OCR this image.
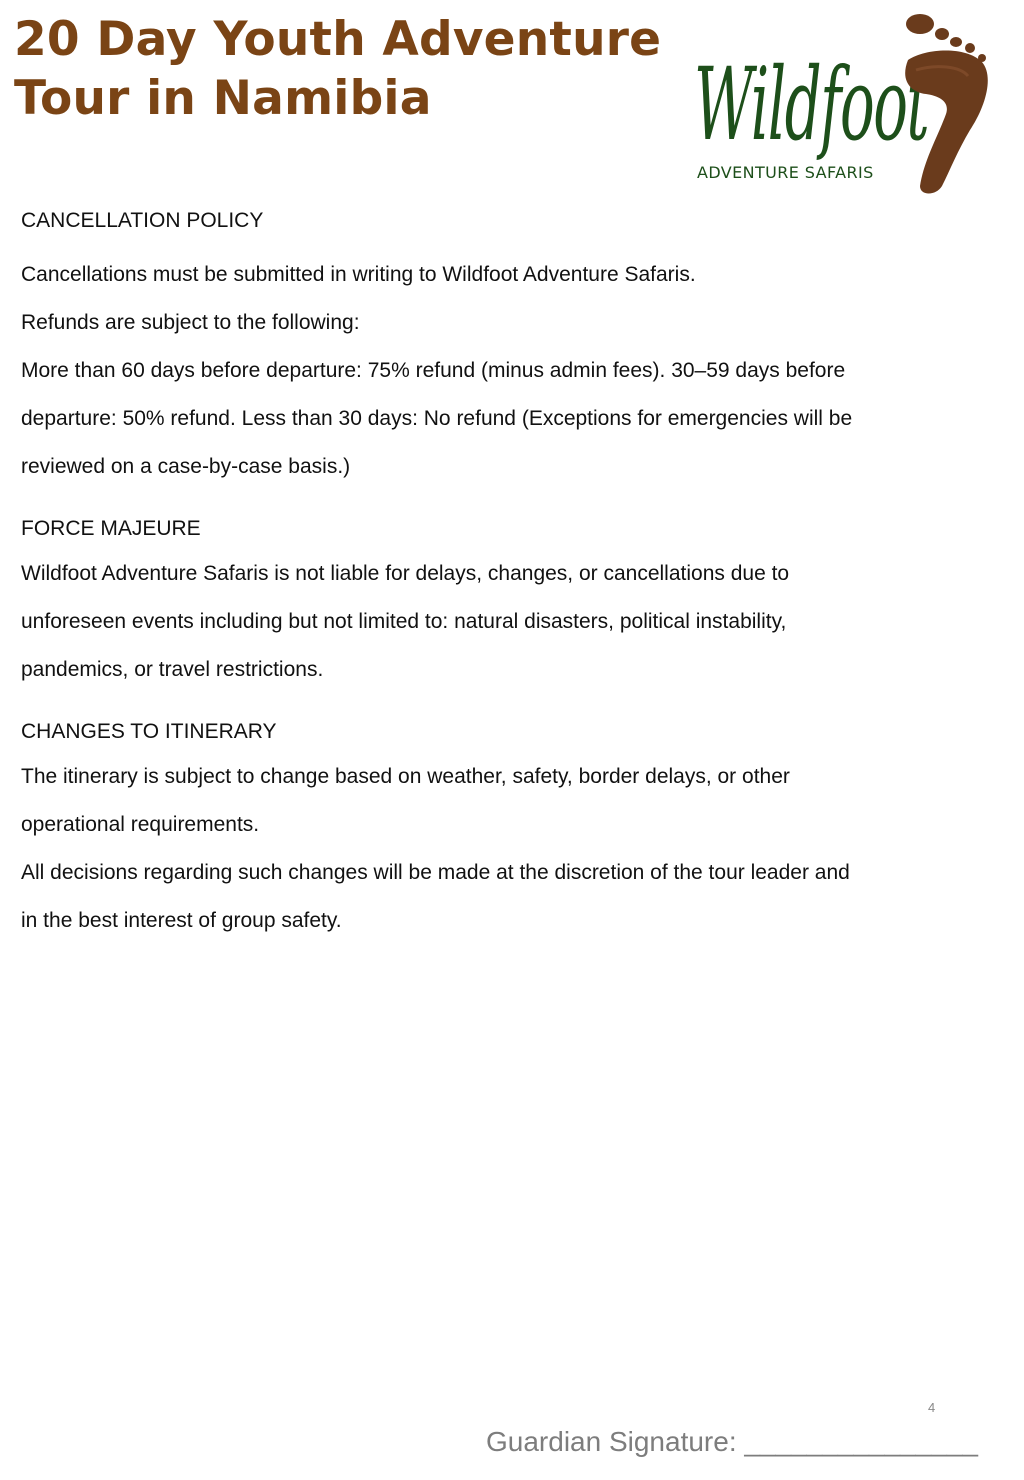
20 Day Youth Adventure
Tour in Namibia	Wildfoot
ADVENTURE SAFARIS

CANCELLATION POLICY

Cancellations must be submitted in writing to Wildfoot Adventure Safaris.

Refunds are subject to the following:

More than 60 days before departure: 75% refund (minus admin fees). 30–59 days before

departure: 50% refund. Less than 30 days: No refund (Exceptions for emergencies will be

reviewed on a case-by-case basis.)

FORCE MAJEURE

Wildfoot Adventure Safaris is not liable for delays, changes, or cancellations due to

unforeseen events including but not limited to: natural disasters, political instability,

pandemics, or travel restrictions.

CHANGES TO ITINERARY

The itinerary is subject to change based on weather, safety, border delays, or other

operational requirements.

All decisions regarding such changes will be made at the discretion of the tour leader and

in the best interest of group safety.

4
Guardian Signature: _______________
